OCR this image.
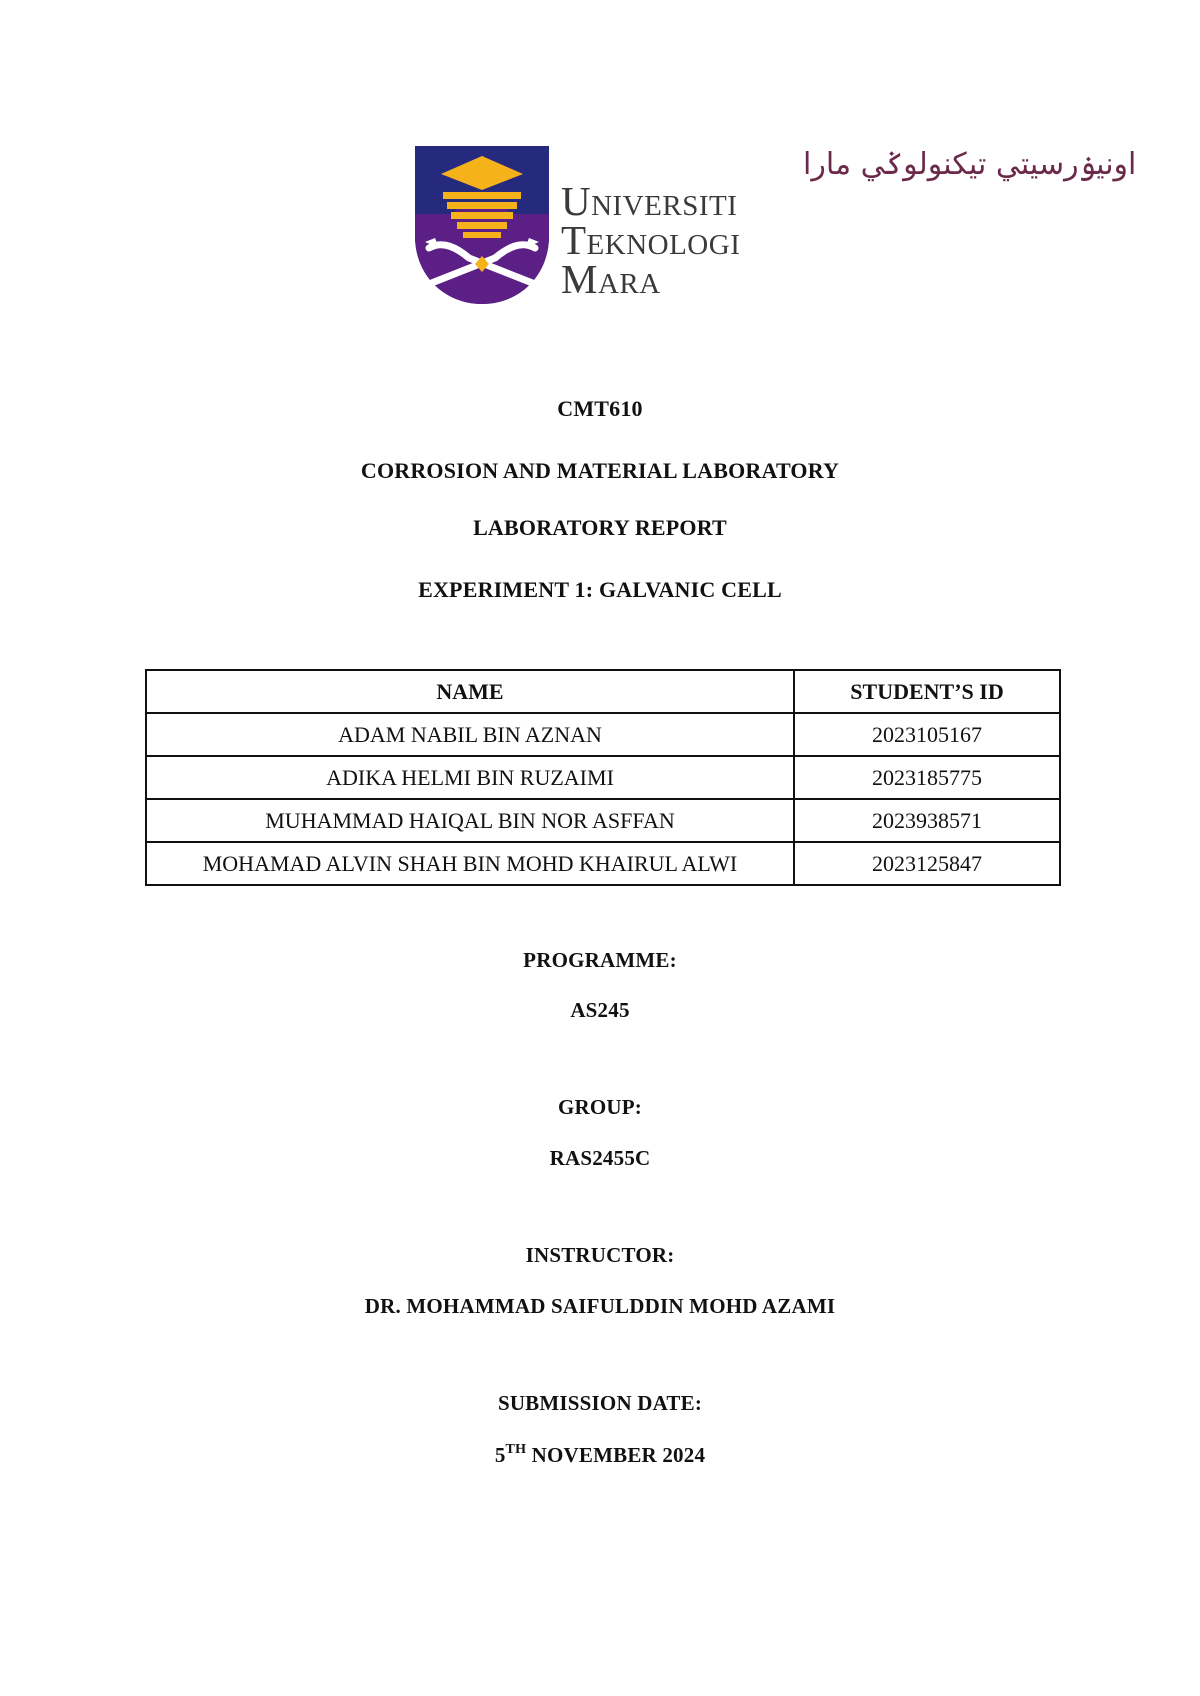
اونيۏرسيتي تيكنولوݢي مارا
Universiti
Teknologi
Mara
CMT610
CORROSION AND MATERIAL LABORATORY
LABORATORY REPORT
EXPERIMENT 1: GALVANIC CELL
NAME	STUDENT’S ID
ADAM NABIL BIN AZNAN	2023105167
ADIKA HELMI BIN RUZAIMI	2023185775
MUHAMMAD HAIQAL BIN NOR ASFFAN	2023938571
MOHAMAD ALVIN SHAH BIN MOHD KHAIRUL ALWI	2023125847
PROGRAMME:
AS245
GROUP:
RAS2455C
INSTRUCTOR:
DR. MOHAMMAD SAIFULDDIN MOHD AZAMI
SUBMISSION DATE:
5TH NOVEMBER 2024
